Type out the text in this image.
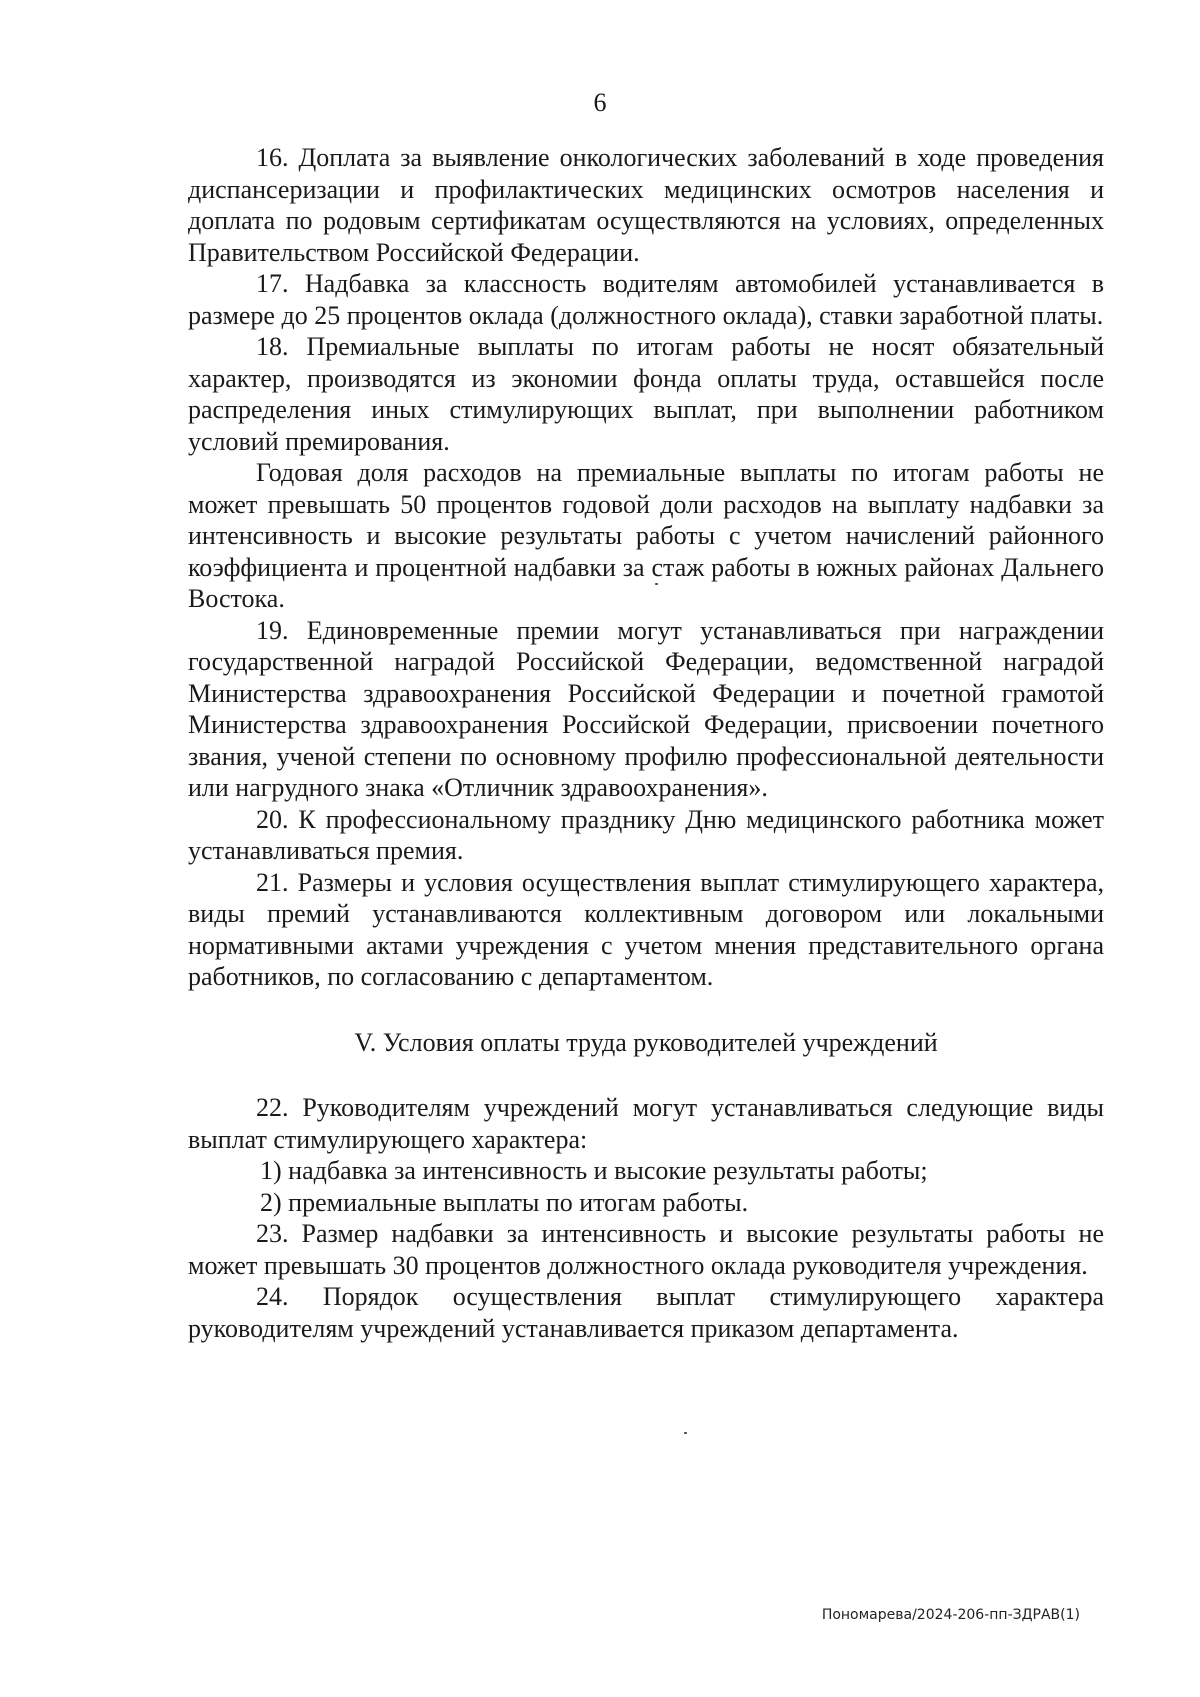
6

16. Доплата за выявление онкологических заболеваний в ходе проведения диспансеризации и профилактических медицинских осмотров населения и доплата по родовым сертификатам осуществляются на условиях, определенных Правительством Российской Федерации.

17. Надбавка за классность водителям автомобилей устанавливается в размере до 25 процентов оклада (должностного оклада), ставки заработной платы.

18. Премиальные выплаты по итогам работы не носят обязательный характер, производятся из экономии фонда оплаты труда, оставшейся после распределения иных стимулирующих выплат, при выполнении работником условий премирования.

Годовая доля расходов на премиальные выплаты по итогам работы не может превышать 50 процентов годовой доли расходов на выплату надбавки за интенсивность и высокие результаты работы с учетом начислений районного коэффициента и процентной надбавки за стаж работы в южных районах Дальнего Востока.

19. Единовременные премии могут устанавливаться при награждении государственной наградой Российской Федерации, ведомственной наградой Министерства здравоохранения Российской Федерации и почетной грамотой Министерства здравоохранения Российской Федерации, присвоении почетного звания, ученой степени по основному профилю профессиональной деятельности или нагрудного знака «Отличник здравоохранения».

20. К профессиональному празднику Дню медицинского работника может устанавливаться премия.

21. Размеры и условия осуществления выплат стимулирующего характера, виды премий устанавливаются коллективным договором или локальными нормативными актами учреждения с учетом мнения представительного органа работников, по согласованию с департаментом.

V. Условия оплаты труда руководителей учреждений

22. Руководителям учреждений могут устанавливаться следующие виды выплат стимулирующего характера:

1) надбавка за интенсивность и высокие результаты работы;

2) премиальные выплаты по итогам работы.

23. Размер надбавки за интенсивность и высокие результаты работы не может превышать 30 процентов должностного оклада руководителя учреждения.

24. Порядок осуществления выплат стимулирующего характера руководителям учреждений устанавливается приказом департамента.

Пономарева/2024-206-пп-ЗДРАВ(1)
